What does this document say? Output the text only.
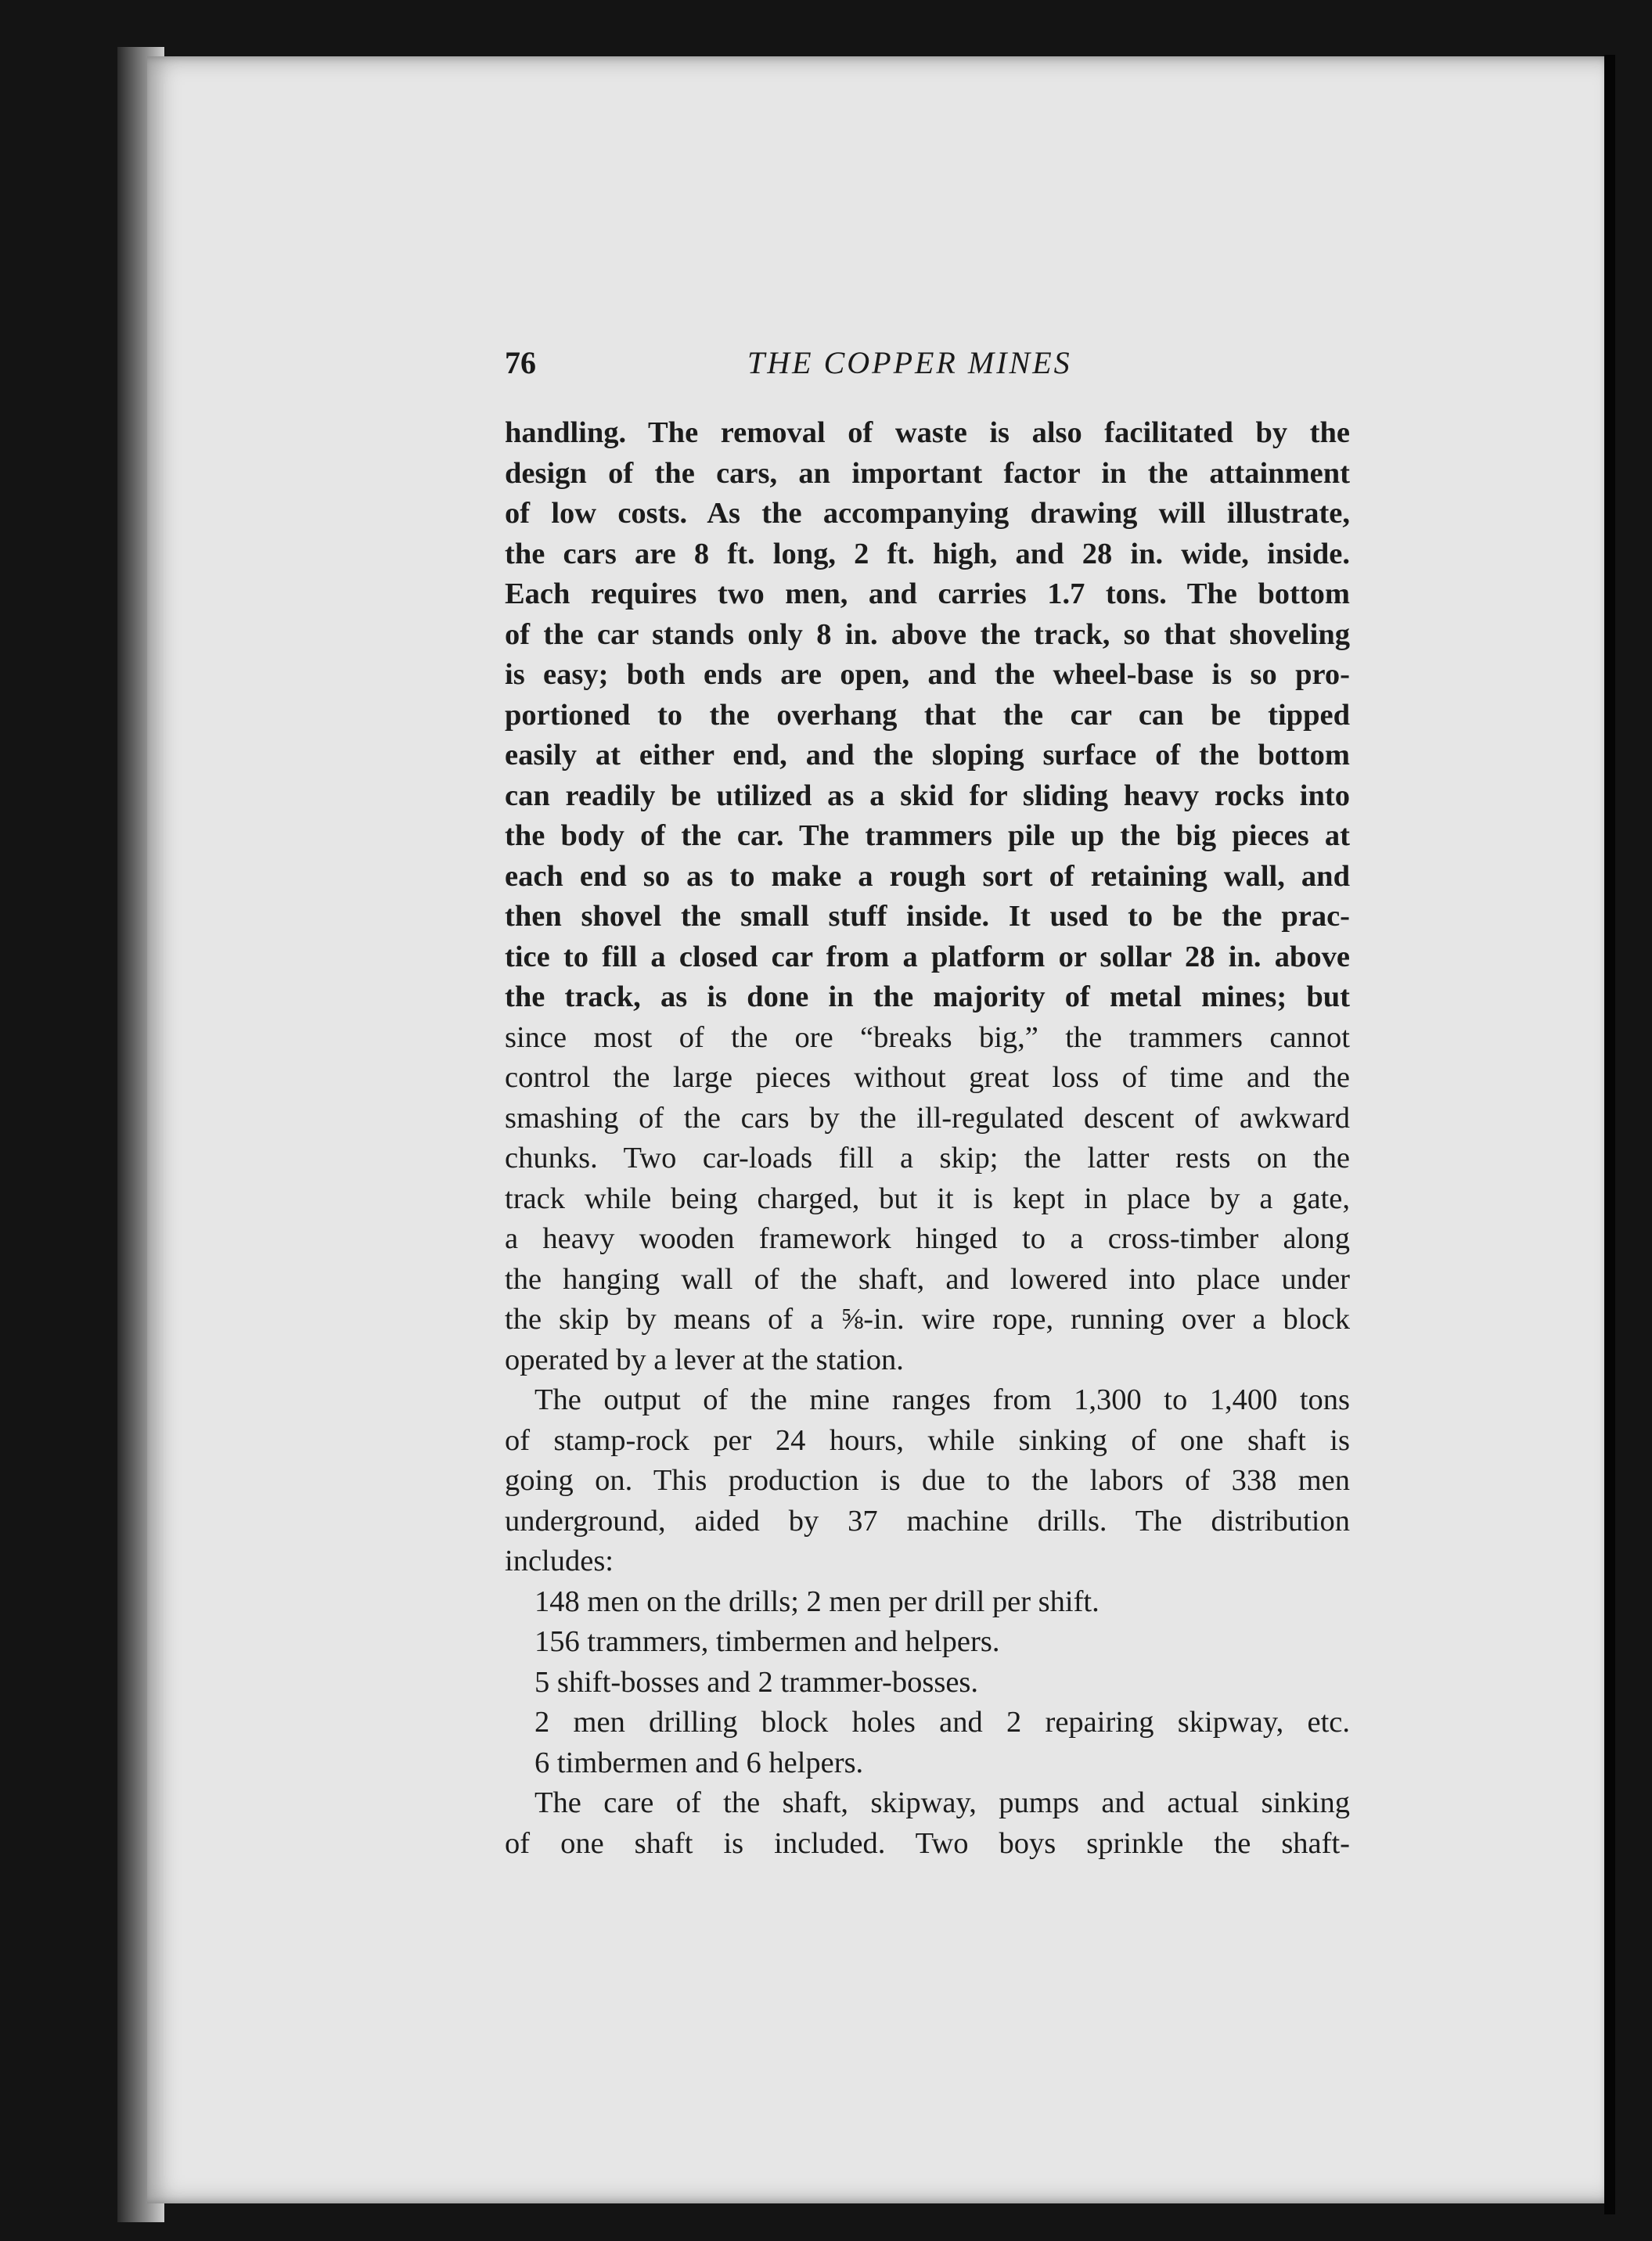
76	THE COPPER MINES
handling. The removal of waste is also facilitated by the
design of the cars, an important factor in the attainment
of low costs. As the accompanying drawing will illustrate,
the cars are 8 ft. long, 2 ft. high, and 28 in. wide, inside.
Each requires two men, and carries 1.7 tons. The bottom
of the car stands only 8 in. above the track, so that shoveling
is easy; both ends are open, and the wheel-base is so pro-
portioned to the overhang that the car can be tipped
easily at either end, and the sloping surface of the bottom
can readily be utilized as a skid for sliding heavy rocks into
the body of the car. The trammers pile up the big pieces at
each end so as to make a rough sort of retaining wall, and
then shovel the small stuff inside. It used to be the prac-
tice to fill a closed car from a platform or sollar 28 in. above
the track, as is done in the majority of metal mines; but
since most of the ore “breaks big,” the trammers cannot
control the large pieces without great loss of time and the
smashing of the cars by the ill-regulated descent of awkward
chunks. Two car-loads fill a skip; the latter rests on the
track while being charged, but it is kept in place by a gate,
a heavy wooden framework hinged to a cross-timber along
the hanging wall of the shaft, and lowered into place under
the skip by means of a ⅝-in. wire rope, running over a block
operated by a lever at the station.
The output of the mine ranges from 1,300 to 1,400 tons
of stamp-rock per 24 hours, while sinking of one shaft is
going on. This production is due to the labors of 338 men
underground, aided by 37 machine drills. The distribution
includes:
148 men on the drills; 2 men per drill per shift.
156 trammers, timbermen and helpers.
5 shift-bosses and 2 trammer-bosses.
2 men drilling block holes and 2 repairing skipway, etc.
6 timbermen and 6 helpers.
The care of the shaft, skipway, pumps and actual sinking
of one shaft is included. Two boys sprinkle the shaft-
